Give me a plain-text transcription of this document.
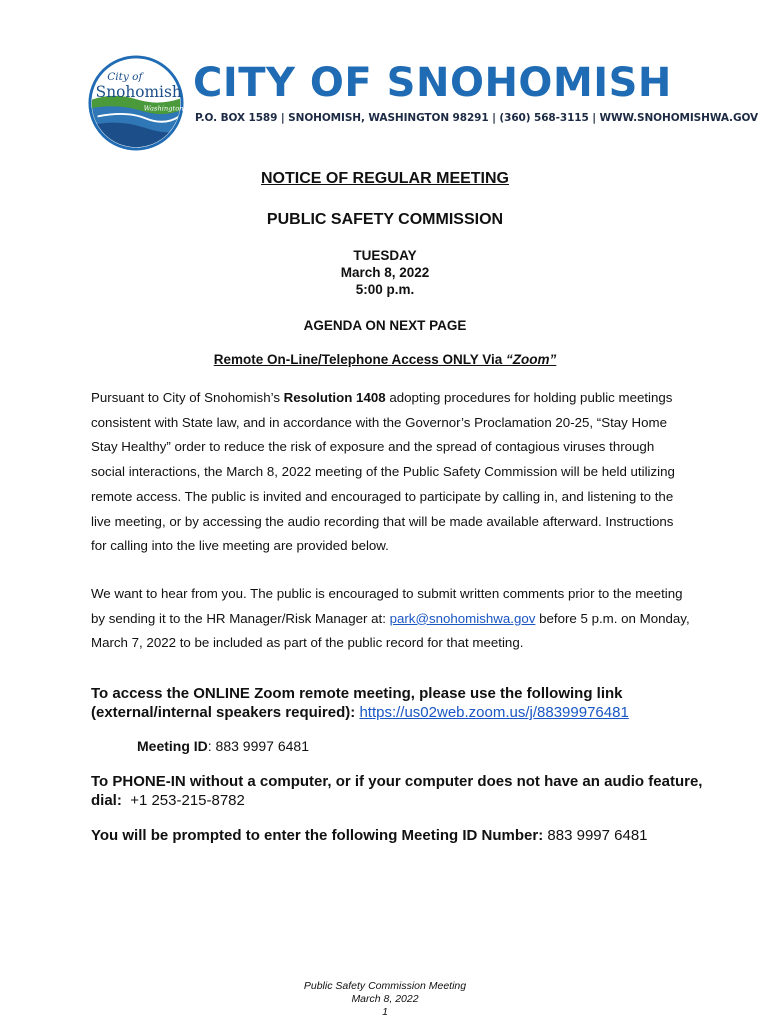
City of
Snohomish
Washington
CITY OF SNOHOMISH
P.O. BOX 1589 | SNOHOMISH, WASHINGTON 98291 | (360) 568-3115 | WWW.SNOHOMISHWA.GOV
NOTICE OF REGULAR MEETING
PUBLIC SAFETY COMMISSION
TUESDAY
March 8, 2022
5:00 p.m.
AGENDA ON NEXT PAGE
Remote On-Line/Telephone Access ONLY Via “Zoom”

Pursuant to City of Snohomish’s Resolution 1408 adopting procedures for holding public meetings consistent with State law, and in accordance with the Governor’s Proclamation 20-25, “Stay Home Stay Healthy” order to reduce the risk of exposure and the spread of contagious viruses through social interactions, the March 8, 2022 meeting of the Public Safety Commission will be held utilizing remote access. The public is invited and encouraged to participate by calling in, and listening to the live meeting, or by accessing the audio recording that will be made available afterward. Instructions for calling into the live meeting are provided below.

We want to hear from you. The public is encouraged to submit written comments prior to the meeting by sending it to the HR Manager/Risk Manager at: park@snohomishwa.gov before 5 p.m. on Monday, March 7, 2022 to be included as part of the public record for that meeting.

To access the ONLINE Zoom remote meeting, please use the following link (external/internal speakers required): https://us02web.zoom.us/j/88399976481

Meeting ID: 883 9997 6481

To PHONE-IN without a computer, or if your computer does not have an audio feature, dial: +1 253-215-8782

You will be prompted to enter the following Meeting ID Number: 883 9997 6481

Public Safety Commission Meeting
March 8, 2022
1
